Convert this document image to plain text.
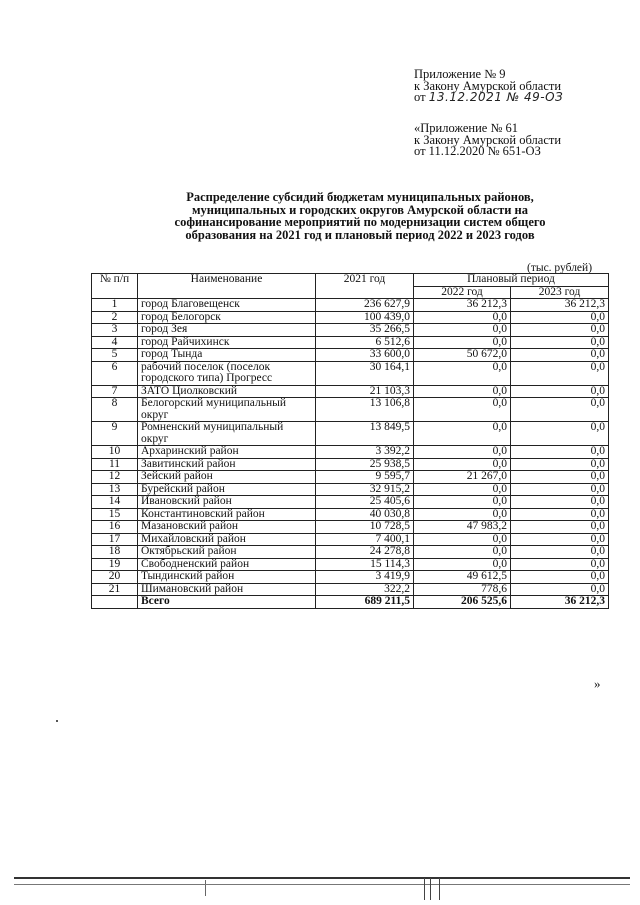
Приложение № 9
к Закону Амурской области
от 13.12.2021 № 49-ОЗ
«Приложение № 61
к Закону Амурской области
от 11.12.2020 № 651-ОЗ
Распределение субсидий бюджетам муниципальных районов,
муниципальных и городских округов Амурской области на
софинансирование мероприятий по модернизации систем общего
образования на 2021 год и плановый период 2022 и 2023 годов
(тыс. рублей)
№ п/п	Наименование	2021 год	Плановый период	
			2022 год	2023 год
1	город Благовещенск	236 627,9	36 212,3	36 212,3
2	город Белогорск	100 439,0	0,0	0,0
3	город Зея	35 266,5	0,0	0,0
4	город Райчихинск	6 512,6	0,0	0,0
5	город Тында	33 600,0	50 672,0	0,0
6	рабочий поселок (поселок городского типа) Прогресс	30 164,1	0,0	0,0
7	ЗАТО Циолковский	21 103,3	0,0	0,0
8	Белогорский муниципальный округ	13 106,8	0,0	0,0
9	Ромненский муниципальный округ	13 849,5	0,0	0,0
10	Архаринский район	3 392,2	0,0	0,0
11	Завитинский район	25 938,5	0,0	0,0
12	Зейский район	9 595,7	21 267,0	0,0
13	Бурейский район	32 915,2	0,0	0,0
14	Ивановский район	25 405,6	0,0	0,0
15	Константиновский район	40 030,8	0,0	0,0
16	Мазановский район	10 728,5	47 983,2	0,0
17	Михайловский район	7 400,1	0,0	0,0
18	Октябрьский район	24 278,8	0,0	0,0
19	Свободненский район	15 114,3	0,0	0,0
20	Тындинский район	3 419,9	49 612,5	0,0
21	Шимановский район	322,2	778,6	0,0
	Всего	689 211,5	206 525,6	36 212,3
»
